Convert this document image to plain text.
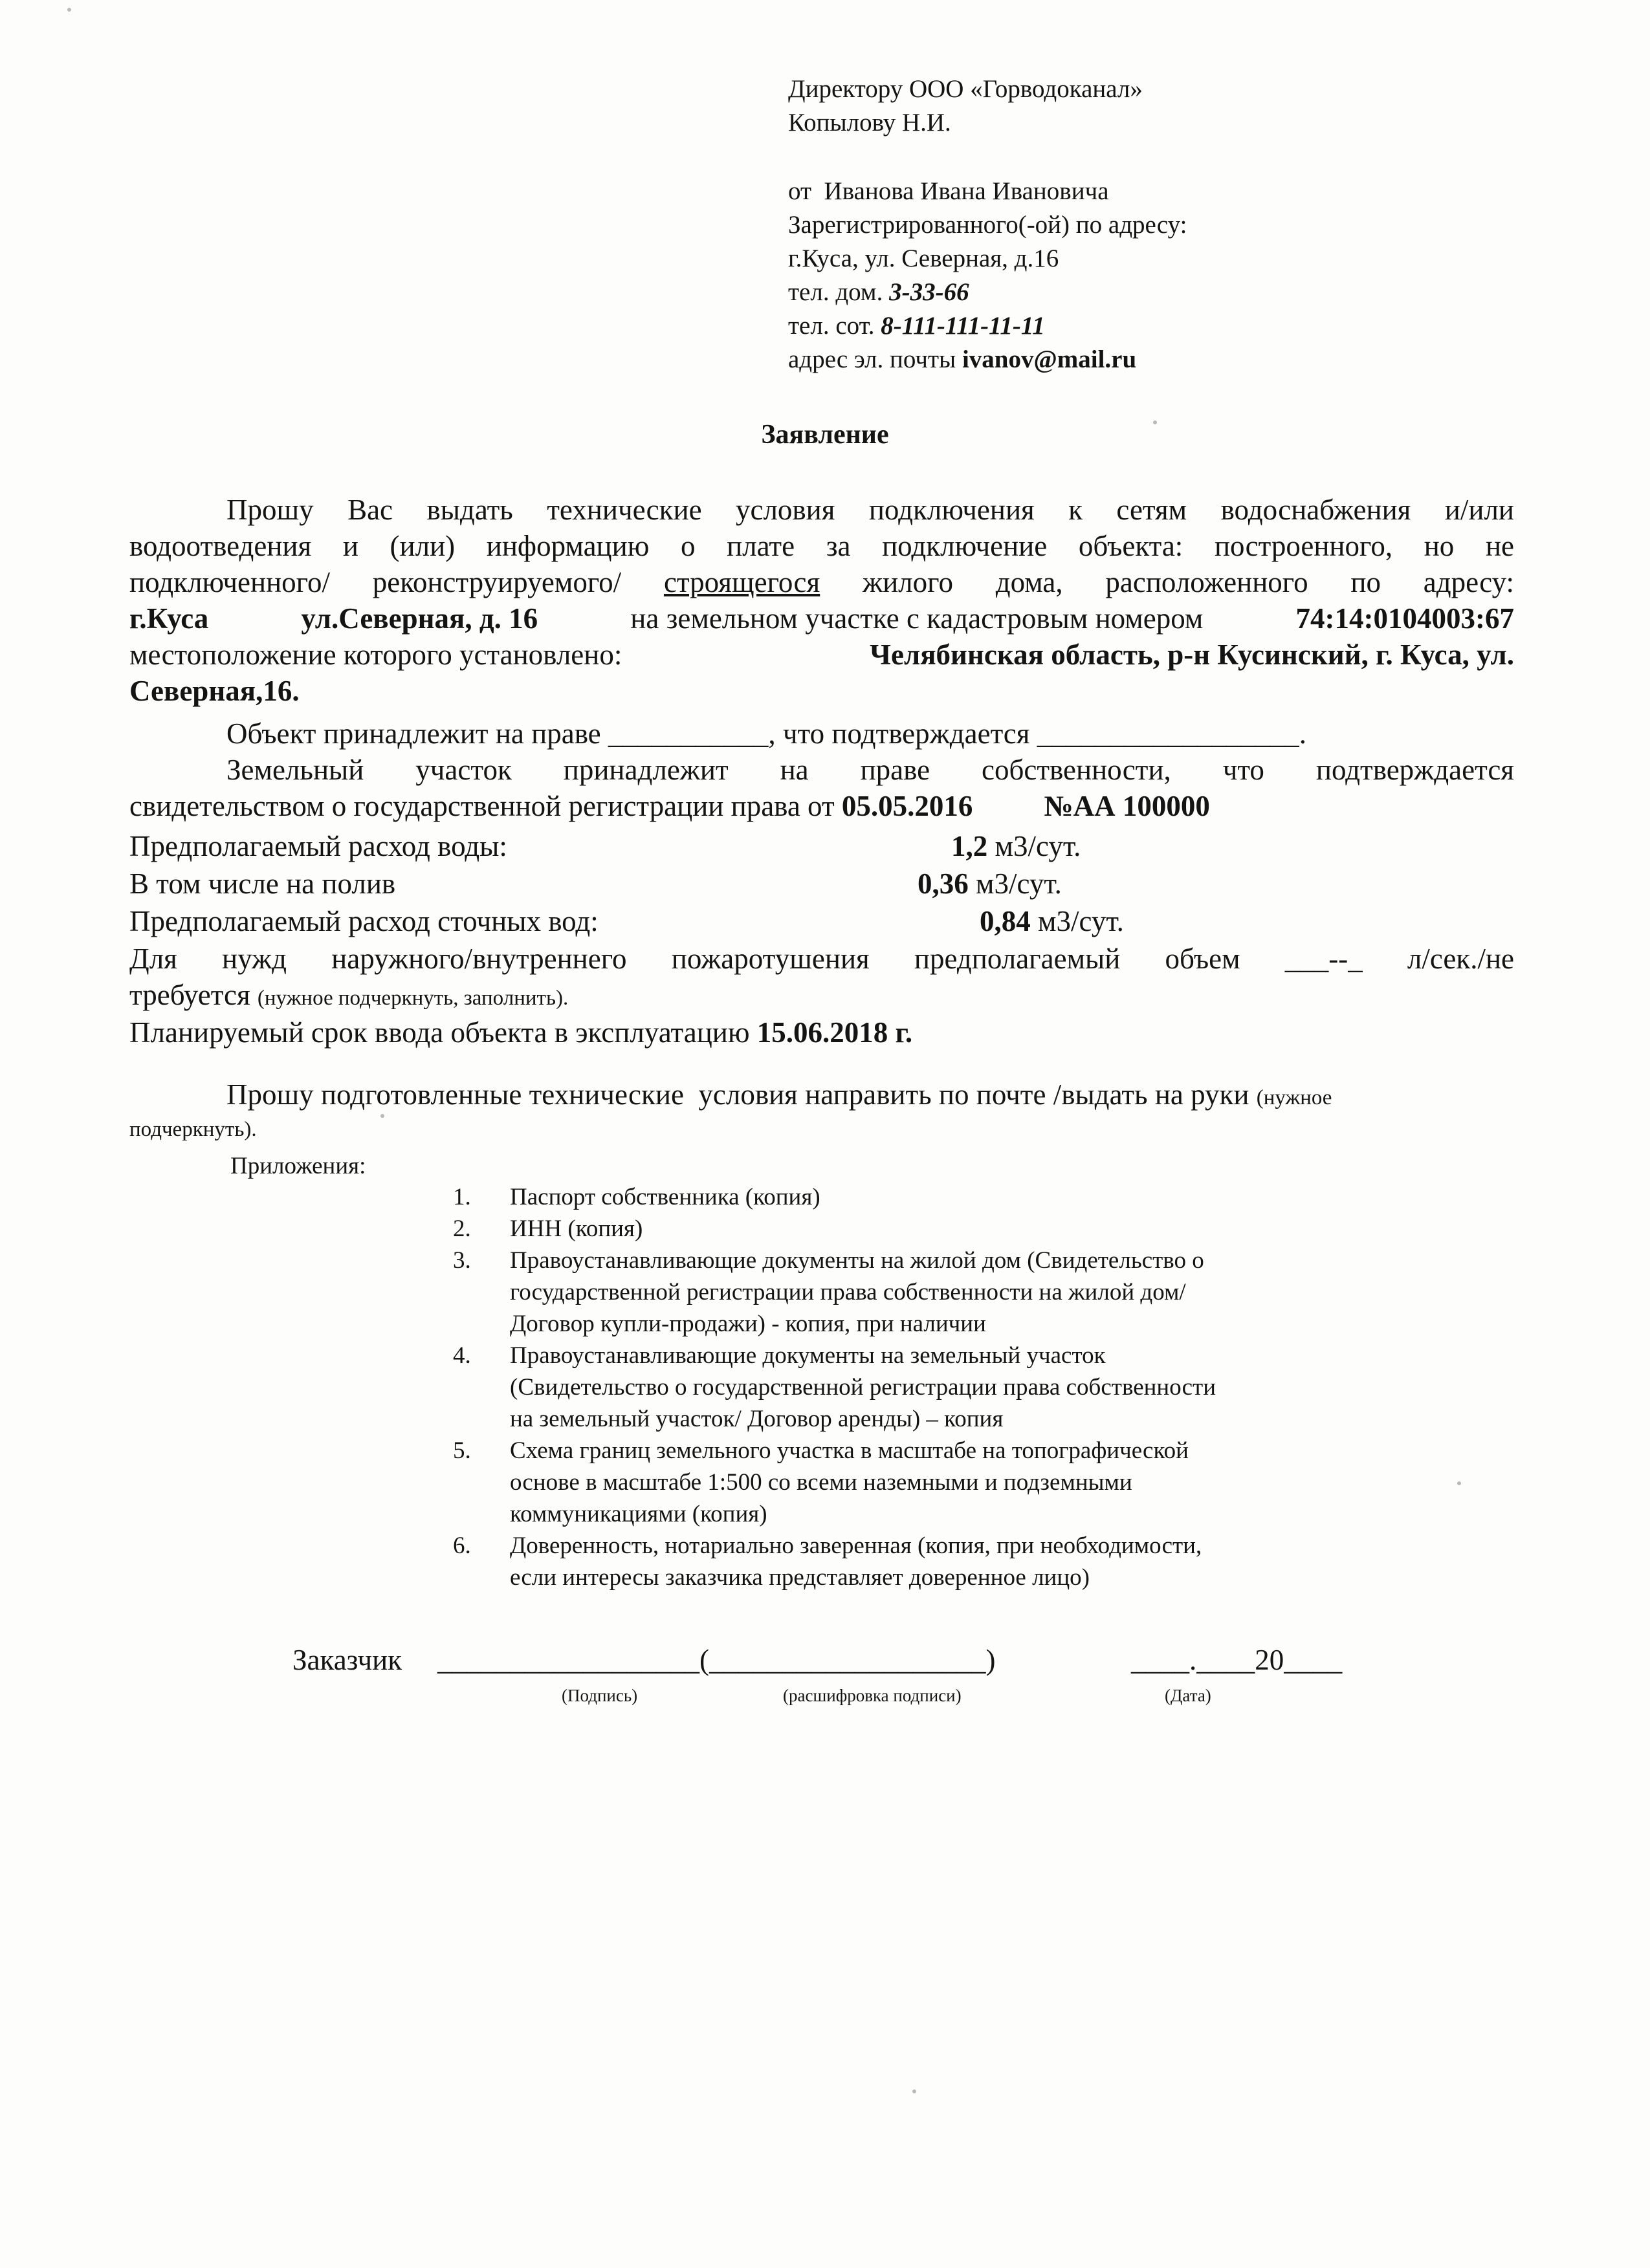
Директору ООО «Горводоканал»
Копылову Н.И.
от  Иванова Ивана Ивановича
Зарегистрированного(-ой) по адресу:
г.Куса, ул. Северная, д.16
тел. дом. 3-33-66
тел. сот. 8-111-111-11-11
адрес эл. почты ivanov@mail.ru
Заявление
Прошу Вас выдать технические условия подключения к сетям водоснабжения и/или
водоотведения и (или) информацию о плате за подключение объекта: построенного, но не
подключенного/ реконструируемого/ строящегося жилого дома, расположенного по адресу:
г.Куса	ул.Северная, д. 16	на земельном участке с кадастровым номером	74:14:0104003:67
местоположение которого установлено:	Челябинская область, р-н Кусинский, г. Куса, ул.
Северная,16.
Объект принадлежит на праве ___________, что подтверждается __________________.
Земельный участок принадлежит на праве собственности, что подтверждается
свидетельством о государственной регистрации права от 05.05.2016 №АА 100000
Предполагаемый расход воды:	1,2 м3/сут.
В том числе на полив	0,36 м3/сут.
Предполагаемый расход сточных вод:	0,84 м3/сут.
Для нужд наружного/внутреннего пожаротушения предполагаемый объем ___--_ л/сек./не
требуется (нужное подчеркнуть, заполнить).
Планируемый срок ввода объекта в эксплуатацию 15.06.2018 г.
Прошу подготовленные технические  условия направить по почте /выдать на руки (нужное
подчеркнуть).
Приложения:
1.	Паспорт собственника (копия)
2.	ИНН (копия)
3.	Правоустанавливающие документы на жилой дом (Свидетельство о
государственной регистрации права собственности на жилой дом/
Договор купли-продажи) - копия, при наличии
4.	Правоустанавливающие документы на земельный участок
(Свидетельство о государственной регистрации права собственности
на земельный участок/ Договор аренды) – копия
5.	Схема границ земельного участка в масштабе на топографической
основе в масштабе 1:500 со всеми наземными и подземными
коммуникациями (копия)
6.	Доверенность, нотариально заверенная (копия, при необходимости,
если интересы заказчика представляет доверенное лицо)
Заказчик __________________(___________________)	____.____20____
(Подпись)	(расшифровка подписи)	(Дата)
